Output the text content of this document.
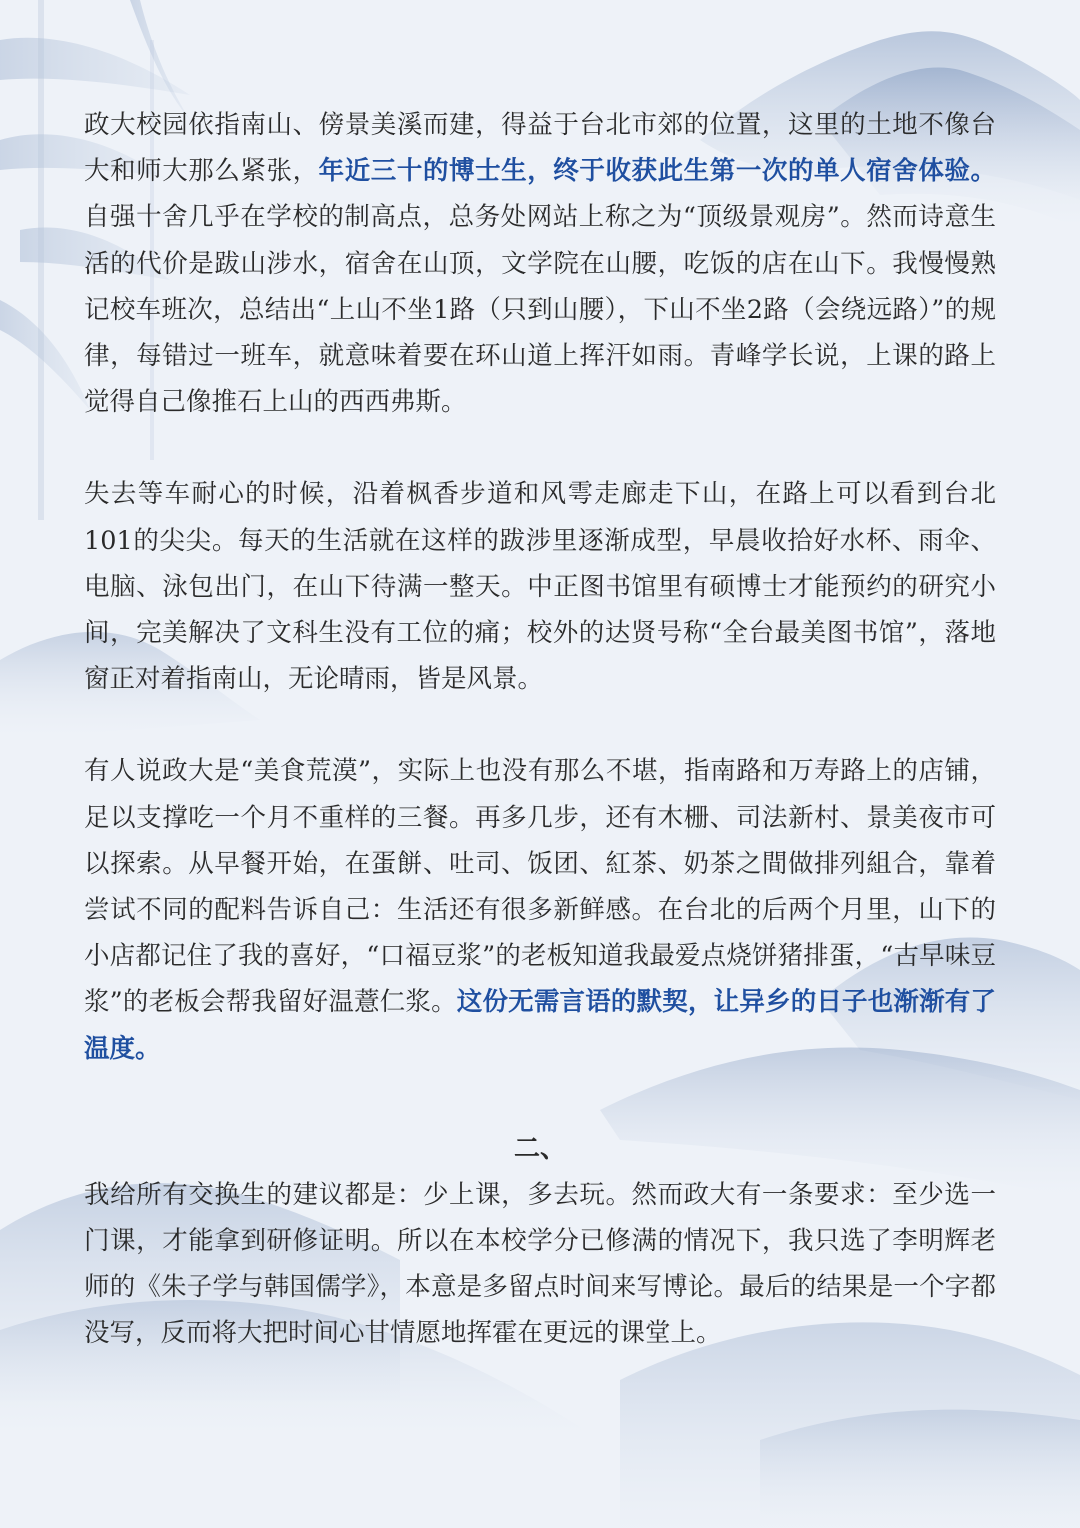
政大校园依指南山、傍景美溪而建，得益于台北市郊的位置，这里的土地不像台大和师大那么紧张，年近三十的博士生，终于收获此生第一次的单人宿舍体验。自强十舍几乎在学校的制高点，总务处网站上称之为“顶级景观房”。然而诗意生活的代价是跋山涉水，宿舍在山顶，文学院在山腰，吃饭的店在山下。我慢慢熟记校车班次，总结出“上山不坐1路（只到山腰），下山不坐2路（会绕远路）”的规律，每错过一班车，就意味着要在环山道上挥汗如雨。青峰学长说，上课的路上觉得自己像推石上山的西西弗斯。

失去等车耐心的时候，沿着枫香步道和风雩走廊走下山，在路上可以看到台北101的尖尖。每天的生活就在这样的跋涉里逐渐成型，早晨收拾好水杯、雨伞、电脑、泳包出门，在山下待满一整天。中正图书馆里有硕博士才能预约的研究小间，完美解决了文科生没有工位的痛；校外的达贤号称“全台最美图书馆”，落地窗正对着指南山，无论晴雨，皆是风景。

有人说政大是“美食荒漠”，实际上也没有那么不堪，指南路和万寿路上的店铺，足以支撑吃一个月不重样的三餐。再多几步，还有木栅、司法新村、景美夜市可以探索。从早餐开始，在蛋餅、吐司、饭团、紅茶、奶茶之間做排列組合，靠着尝试不同的配料告诉自己：生活还有很多新鲜感。在台北的后两个月里，山下的小店都记住了我的喜好，“口福豆浆”的老板知道我最爱点烧饼猪排蛋，“古早味豆浆”的老板会帮我留好温薏仁浆。这份无需言语的默契，让异乡的日子也渐渐有了温度。

二、

我给所有交换生的建议都是：少上课，多去玩。然而政大有一条要求：至少选一门课，才能拿到研修证明。所以在本校学分已修满的情况下，我只选了李明辉老师的《朱子学与韩国儒学》，本意是多留点时间来写博论。最后的结果是一个字都没写，反而将大把时间心甘情愿地挥霍在更远的课堂上。
